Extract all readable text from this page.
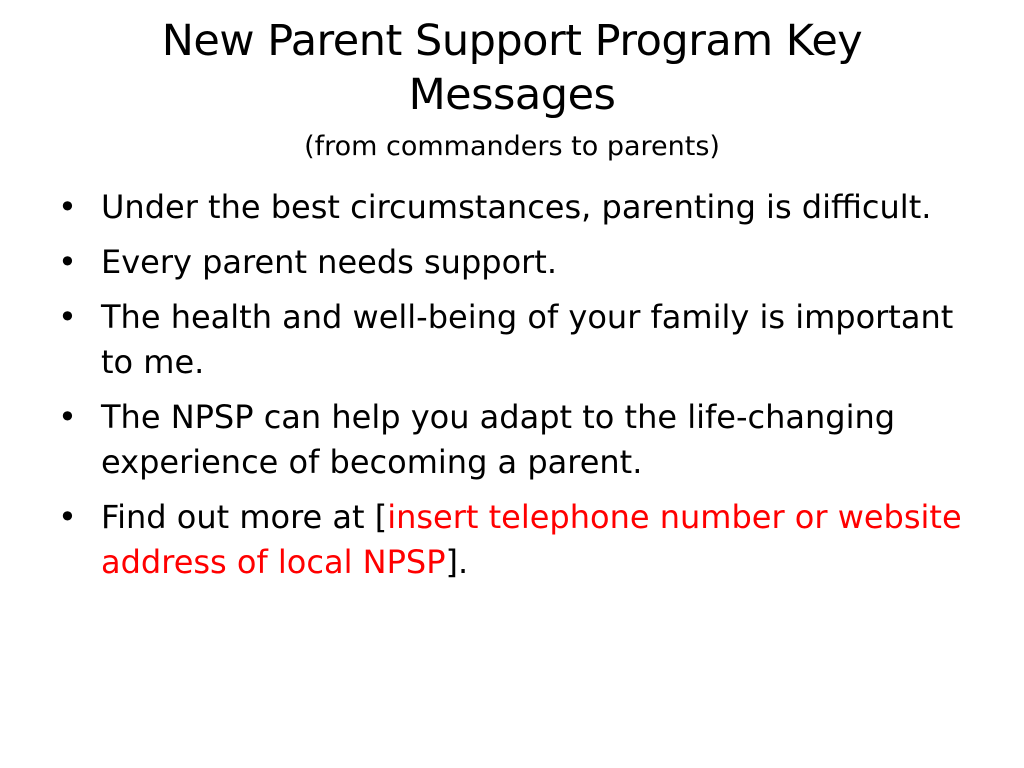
New Parent Support Program Key Messages
(from commanders to parents)
• Under the best circumstances, parenting is difficult.
• Every parent needs support.
• The health and well-being of your family is important to me.
• The NPSP can help you adapt to the life-changing experience of becoming a parent.
• Find out more at [insert telephone number or website address of local NPSP].
